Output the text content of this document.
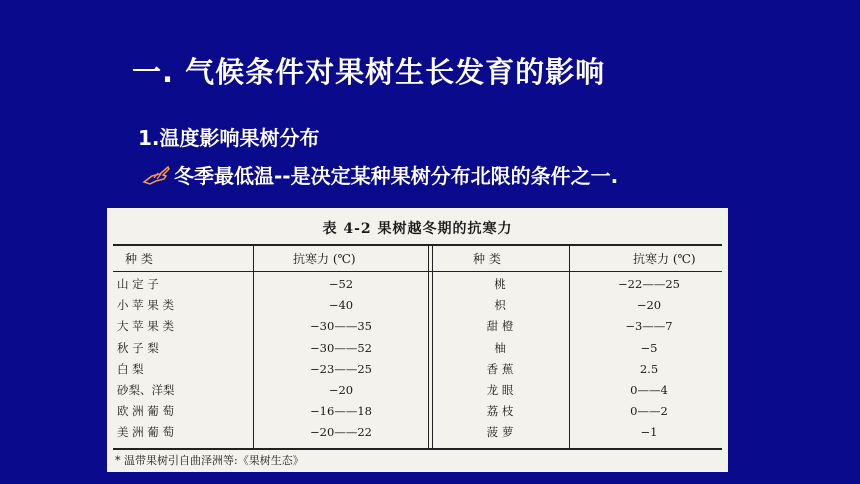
一. 气候条件对果树生长发育的影响
1.温度影响果树分布
冬季最低温--是决定某种果树分布北限的条件之一.
表 4-2 果树越冬期的抗寒力
种 类	抗寒力 (℃)	种 类	抗寒力 (℃)
山 定 子	−52	桃	−22——25
小 苹 果 类	−40	枳	−20
大 苹 果 类	−30——35	甜 橙	−3——7
秋 子 梨	−30——52	柚	−5
白 梨	−23——25	香 蕉	2.5
砂梨、洋梨	−20	龙 眼	0——4
欧 洲 葡 萄	−16——18	荔 枝	0——2
美 洲 葡 萄	−20——22	菠 萝	−1
* 温带果树引自曲泽洲等:《果树生态》
